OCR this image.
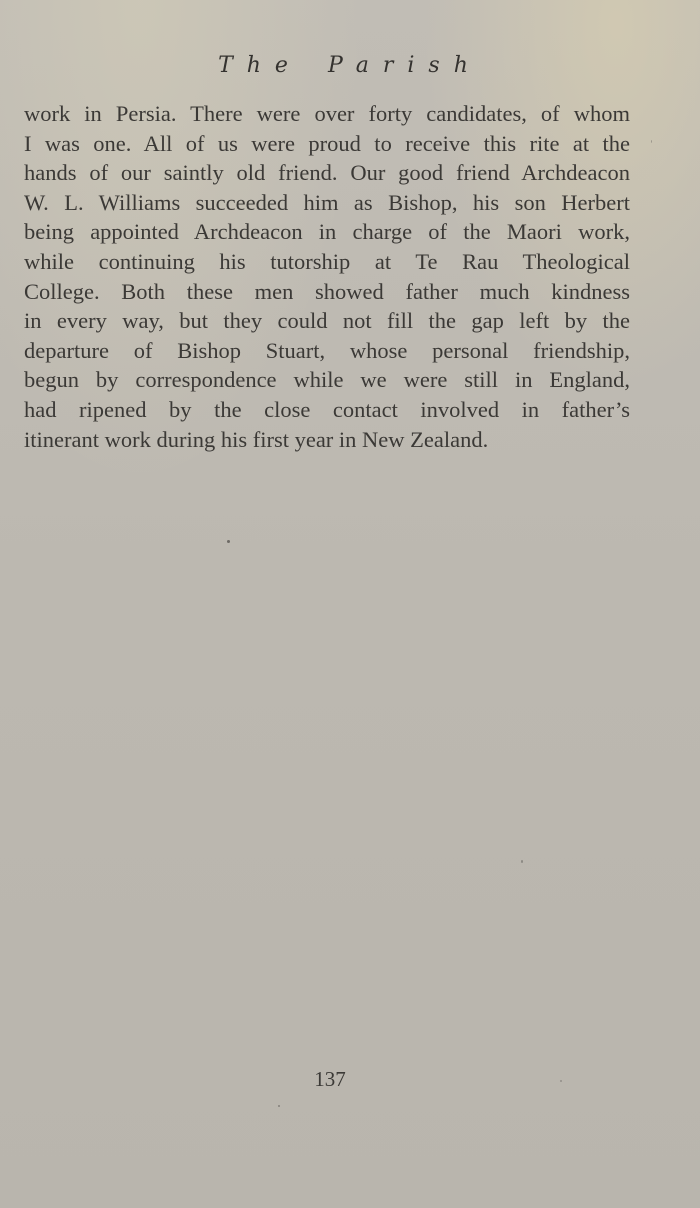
The Parish
work in Persia. There were over forty candidates, of whom
I was one. All of us were proud to receive this rite at the
hands of our saintly old friend. Our good friend Archdeacon
W. L. Williams succeeded him as Bishop, his son Herbert
being appointed Archdeacon in charge of the Maori work,
while continuing his tutorship at Te Rau Theological
College. Both these men showed father much kindness
in every way, but they could not fill the gap left by the
departure of Bishop Stuart, whose personal friendship,
begun by correspondence while we were still in England,
had ripened by the close contact involved in father’s
itinerant work during his first year in New Zealand.
137
